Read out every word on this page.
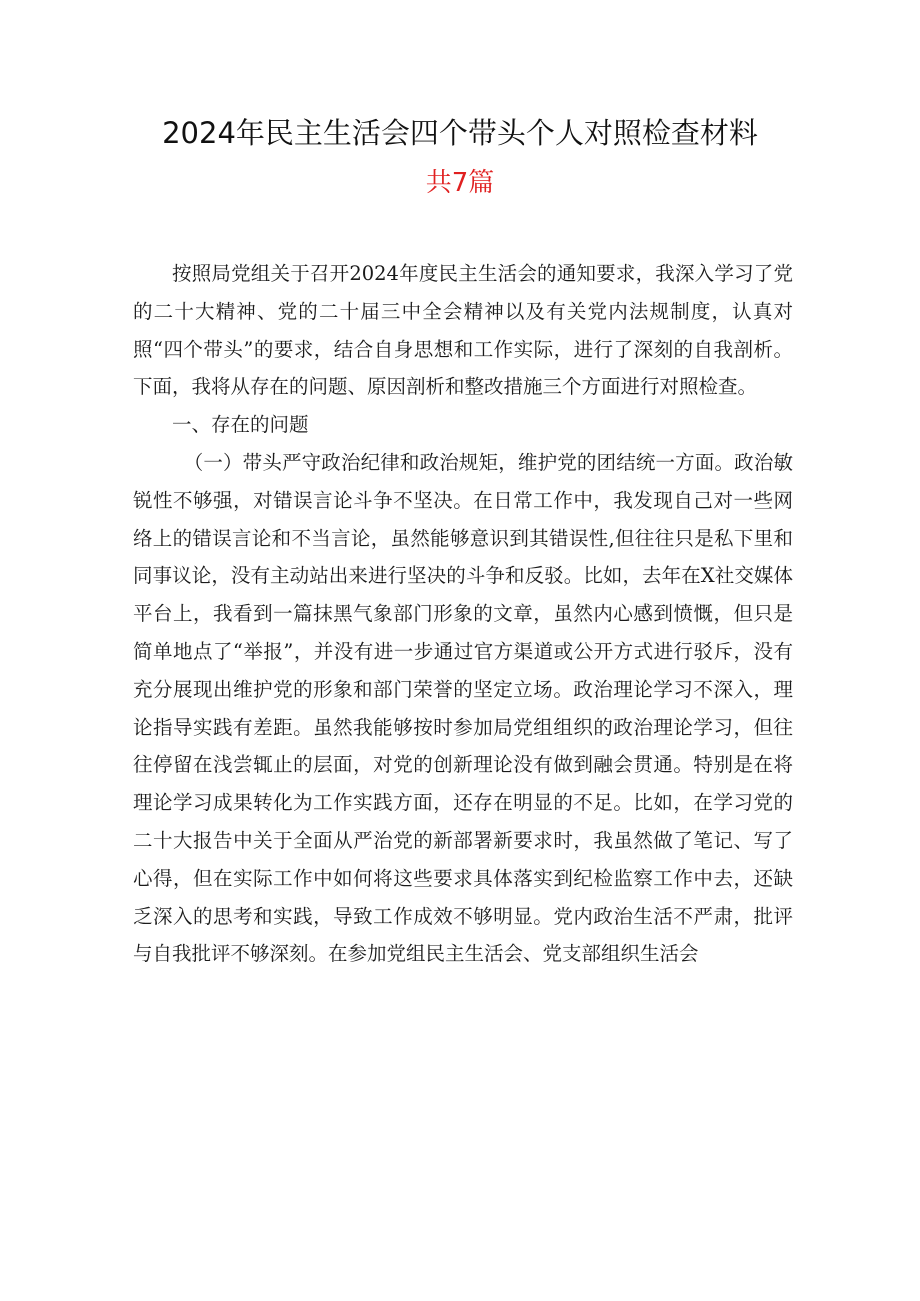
2024年民主生活会四个带头个人对照检查材料
共7篇

按照局党组关于召开2024年度民主生活会的通知要求，我深入学习了党的二十大精神、党的二十届三中全会精神以及有关党内法规制度，认真对照“四个带头”的要求，结合自身思想和工作实际，进行了深刻的自我剖析。下面，我将从存在的问题、原因剖析和整改措施三个方面进行对照检查。

一、存在的问题

（一）带头严守政治纪律和政治规矩，维护党的团结统一方面。政治敏锐性不够强，对错误言论斗争不坚决。在日常工作中，我发现自己对一些网络上的错误言论和不当言论，虽然能够意识到其错误性,但往往只是私下里和同事议论，没有主动站出来进行坚决的斗争和反驳。比如，去年在X社交媒体平台上，我看到一篇抹黑气象部门形象的文章，虽然内心感到愤慨，但只是简单地点了“举报”，并没有进一步通过官方渠道或公开方式进行驳斥，没有充分展现出维护党的形象和部门荣誉的坚定立场。政治理论学习不深入，理论指导实践有差距。虽然我能够按时参加局党组组织的政治理论学习，但往往停留在浅尝辄止的层面，对党的创新理论没有做到融会贯通。特别是在将理论学习成果转化为工作实践方面，还存在明显的不足。比如，在学习党的二十大报告中关于全面从严治党的新部署新要求时，我虽然做了笔记、写了心得，但在实际工作中如何将这些要求具体落实到纪检监察工作中去，还缺乏深入的思考和实践，导致工作成效不够明显。党内政治生活不严肃，批评与自我批评不够深刻。在参加党组民主生活会、党支部组织生活会
